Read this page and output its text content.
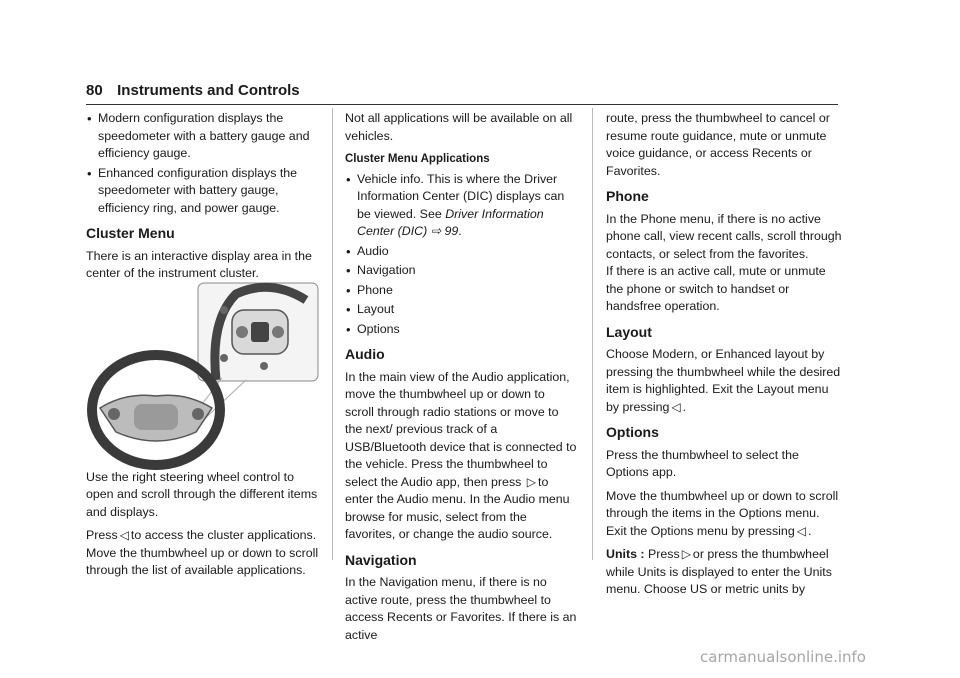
80 Instruments and Controls
• Modern configuration displays the speedometer with a battery gauge and efficiency gauge.
• Enhanced configuration displays the speedometer with battery gauge, efficiency ring, and power gauge.
Cluster Menu

There is an interactive display area in the center of the instrument cluster.

Use the right steering wheel control to open and scroll through the different items and displays.

Press ◁ to access the cluster applications.
Move the thumbwheel up or down to scroll through the list of available applications.

Not all applications will be available on all vehicles.

Cluster Menu Applications
• Vehicle info. This is where the Driver Information Center (DIC) displays can be viewed. See Driver Information Center (DIC) ⇨ 99.
• Audio
• Navigation
• Phone
• Layout
• Options
Audio

In the main view of the Audio application, move the thumbwheel up or down to scroll through radio stations or move to the next/ previous track of a USB/Bluetooth device that is connected to the vehicle. Press the thumbwheel to select the Audio app, then press ▷ to enter the Audio menu. In the Audio menu browse for music, select from the favorites, or change the audio source.

Navigation

In the Navigation menu, if there is no active route, press the thumbwheel to access Recents or Favorites. If there is an active

route, press the thumbwheel to cancel or resume route guidance, mute or unmute voice guidance, or access Recents or Favorites.

Phone

In the Phone menu, if there is no active phone call, view recent calls, scroll through contacts, or select from the favorites.

If there is an active call, mute or unmute the phone or switch to handset or handsfree operation.

Layout

Choose Modern, or Enhanced layout by pressing the thumbwheel while the desired item is highlighted. Exit the Layout menu by pressing ◁ .

Options

Press the thumbwheel to select the Options app.

Move the thumbwheel up or down to scroll through the items in the Options menu. Exit the Options menu by pressing ◁ .

Units : Press ▷ or press the thumbwheel while Units is displayed to enter the Units menu. Choose US or metric units by

carmanualsonline.info
